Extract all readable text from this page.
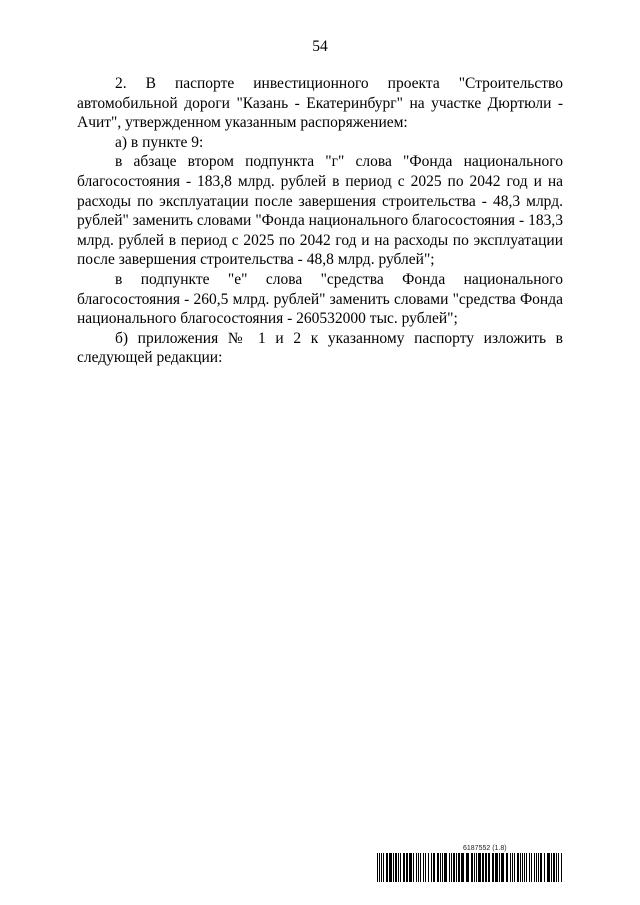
54

2. В паспорте инвестиционного проекта "Строительство автомобильной дороги "Казань - Екатеринбург" на участке Дюртюли - Ачит", утвержденном указанным распоряжением:

а) в пункте 9:

в абзаце втором подпункта "г" слова "Фонда национального благосостояния - 183,8 млрд. рублей в период с 2025 по 2042 год и на расходы по эксплуатации после завершения строительства - 48,3 млрд. рублей" заменить словами "Фонда национального благосостояния - 183,3 млрд. рублей в период с 2025 по 2042 год и на расходы по эксплуатации после завершения строительства - 48,8 млрд. рублей";

в подпункте "е" слова "средства Фонда национального благосостояния - 260,5 млрд. рублей" заменить словами "средства Фонда национального благосостояния - 260532000 тыс. рублей";

б) приложения № 1 и 2 к указанному паспорту изложить в следующей редакции:

6187552 (1.8)
